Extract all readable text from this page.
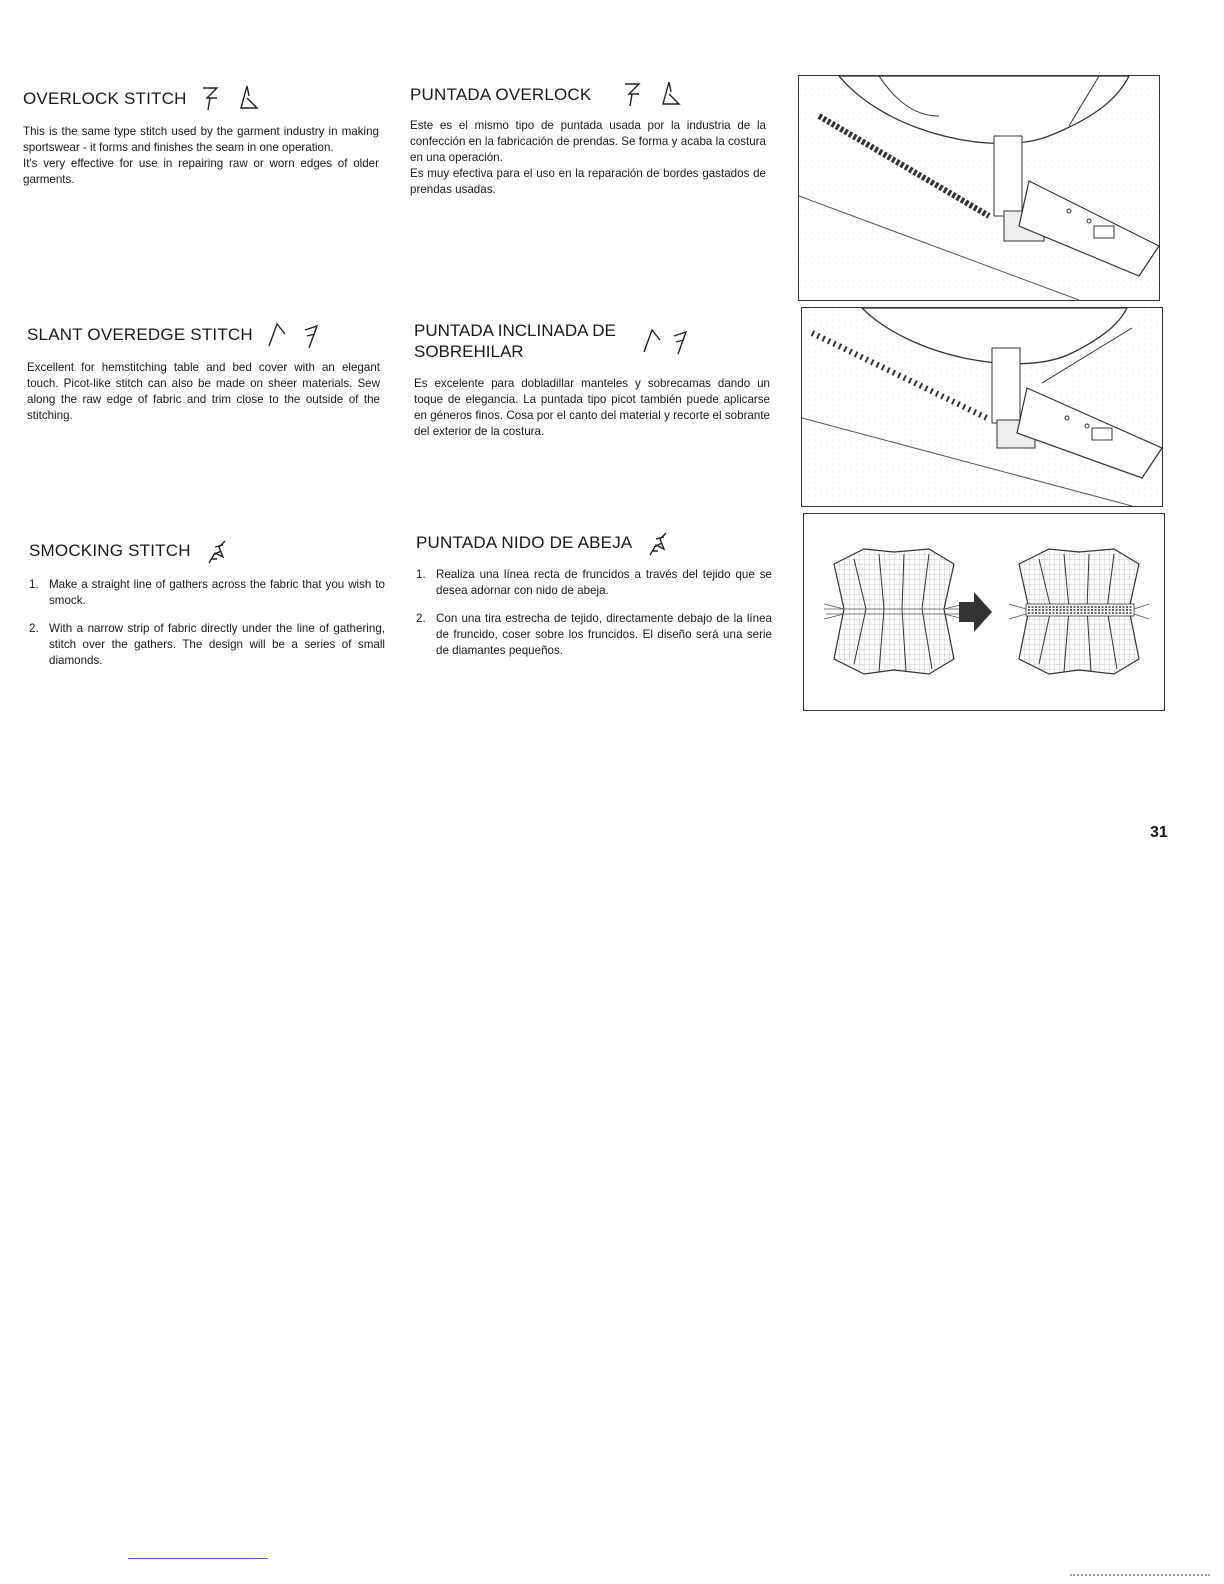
OVERLOCK STITCH

This is the same type stitch used by the garment industry in making sportswear - it forms and finishes the seam in one operation.
It's very effective for use in repairing raw or worn edges of older garments.

PUNTADA OVERLOCK

Este es el mismo tipo de puntada usada por la industria de la confección en la fabricación de prendas. Se forma y acaba la costura en una operación.
Es muy efectiva para el uso en la reparación de bordes gastados de prendas usadas.

SLANT OVEREDGE STITCH

Excellent for hemstitching table and bed cover with an elegant touch. Picot-like stitch can also be made on sheer materials. Sew along the raw edge of fabric and trim close to the outside of the stitching.

PUNTADA INCLINADA DE
SOBREHILAR

Es excelente para dobladillar manteles y sobrecamas dando un toque de elegancia. La puntada tipo picot también puede aplicarse en géneros finos. Cosa por el canto del material y recorte el sobrante del exterior de la costura.

SMOCKING STITCH
1. Make a straight line of gathers across the fabric that you wish to smock.
2. With a narrow strip of fabric directly under the line of gathering, stitch over the gathers. The design will be a series of small diamonds.
PUNTADA NIDO DE ABEJA
1. Realiza una línea recta de fruncidos a través del tejido que se desea adornar con nido de abeja.
2. Con una tira estrecha de tejido, directamente debajo de la línea de fruncido, coser sobre los fruncidos. El diseño será una serie de diamantes pequeños.
31
